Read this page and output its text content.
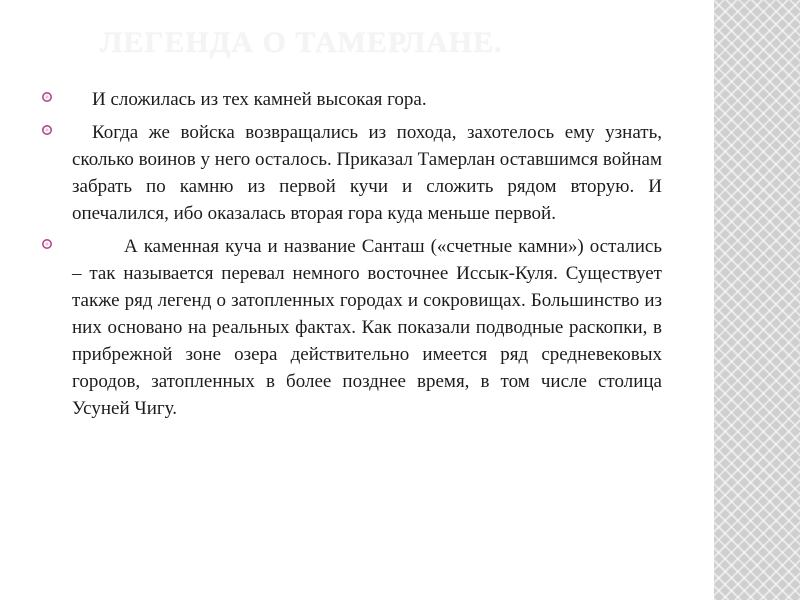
ЛЕГЕНДА О ТАМЕРЛАНЕ.

И сложилась из тех камней высокая гора.

Когда же войска возвращались из похода, захотелось ему узнать, сколько воинов у него осталось. Приказал Тамерлан оставшимся войнам забрать по камню из первой кучи и сложить рядом вторую. И опечалился, ибо оказалась вторая гора куда меньше первой.

А каменная куча и название Санташ («счетные камни») остались – так называется перевал немного восточнее Иссык-Куля. Существует также ряд легенд о затопленных городах и сокровищах. Большинство из них основано на реальных фактах. Как показали подводные раскопки, в прибрежной зоне озера действительно имеется ряд средневековых городов, затопленных в более позднее время, в том числе столица Усуней Чигу.
